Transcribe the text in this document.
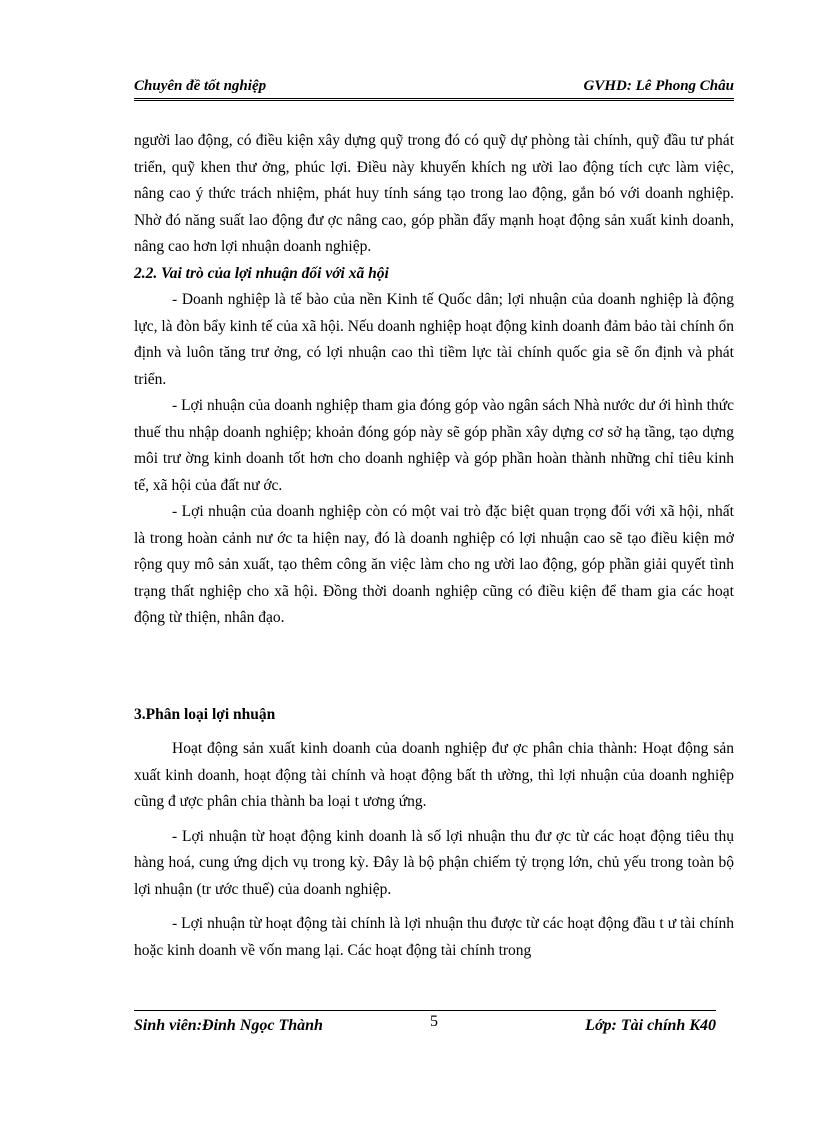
Chuyên đề tốt nghiệp	GVHD: Lê Phong Châu

người lao động, có điều kiện xây dựng quỹ trong đó có quỹ dự phòng tài chính, quỹ đầu tư phát triển, quỹ khen thư ởng, phúc lợi. Điều này khuyến khích ng ười lao động tích cực làm việc, nâng cao ý thức trách nhiệm, phát huy tính sáng tạo trong lao động, gắn bó với doanh nghiệp. Nhờ đó năng suất lao động đư ợc nâng cao, góp phần đẩy mạnh hoạt động sản xuất kinh doanh, nâng cao hơn lợi nhuận doanh nghiệp.

2.2. Vai trò của lợi nhuận đối với xã hội

- Doanh nghiệp là tế bào của nền Kinh tế Quốc dân; lợi nhuận của doanh nghiệp là động lực, là đòn bẩy kinh tế của xã hội. Nếu doanh nghiệp hoạt động kinh doanh đảm bảo tài chính ổn định và luôn tăng trư ởng, có lợi nhuận cao thì tiềm lực tài chính quốc gia sẽ ổn định và phát triển.

- Lợi nhuận của doanh nghiệp tham gia đóng góp vào ngân sách Nhà nước dư ới hình thức thuế thu nhập doanh nghiệp; khoản đóng góp này sẽ góp phần xây dựng cơ sở hạ tầng, tạo dựng môi trư ờng kinh doanh tốt hơn cho doanh nghiệp và góp phần hoàn thành những chỉ tiêu kinh tế, xã hội của đất nư ớc.

- Lợi nhuận của doanh nghiệp còn có một vai trò đặc biệt quan trọng đối với xã hội, nhất là trong hoàn cảnh nư ớc ta hiện nay, đó là doanh nghiệp có lợi nhuận cao sẽ tạo điều kiện mở rộng quy mô sản xuất, tạo thêm công ăn việc làm cho ng ười lao động, góp phần giải quyết tình trạng thất nghiệp cho xã hội. Đồng thời doanh nghiệp cũng có điều kiện để tham gia các hoạt động từ thiện, nhân đạo.

3.Phân loại lợi nhuận

Hoạt động sản xuất kinh doanh của doanh nghiệp đư ợc phân chia thành: Hoạt động sản xuất kinh doanh, hoạt động tài chính và hoạt động bất th ường, thì lợi nhuận của doanh nghiệp cũng đ ược phân chia thành ba loại t ương ứng.

- Lợi nhuận từ hoạt động kinh doanh là số lợi nhuận thu đư ợc từ các hoạt động tiêu thụ hàng hoá, cung ứng dịch vụ trong kỳ. Đây là bộ phận chiếm tỷ trọng lớn, chủ yếu trong toàn bộ lợi nhuận (tr ước thuế) của doanh nghiệp.

- Lợi nhuận từ hoạt động tài chính là lợi nhuận thu được từ các hoạt động đầu t ư tài chính hoặc kinh doanh về vốn mang lại. Các hoạt động tài chính trong

Sinh viên:Đinh Ngọc Thành	5	Lớp: Tài chính K40
